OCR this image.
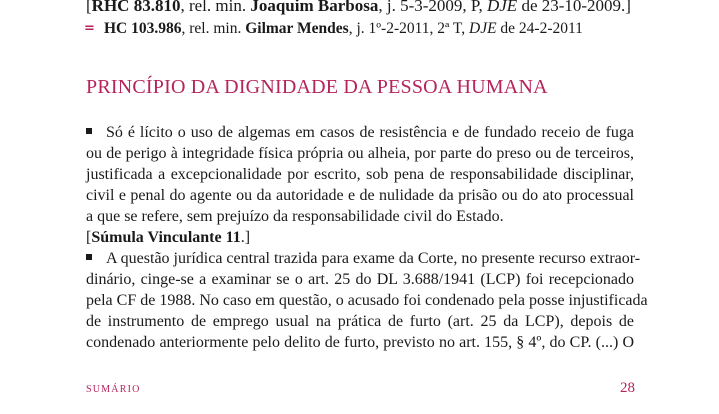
[RHC 83.810, rel. min. Joaquim Barbosa, j. 5-3-2009, P, DJE de 23-10-2009.]
= HC 103.986, rel. min. Gilmar Mendes, j. 1º-2-2011, 2ª T, DJE de 24-2-2011
PRINCÍPIO DA DIGNIDADE DA PESSOA HUMANA
Só é lícito o uso de algemas em casos de resistência e de fundado receio de fuga
ou de perigo à integridade física própria ou alheia, por parte do preso ou de terceiros,
justificada a excepcionalidade por escrito, sob pena de responsabilidade disciplinar,
civil e penal do agente ou da autoridade e de nulidade da prisão ou do ato processual
a que se refere, sem prejuízo da responsabilidade civil do Estado.
[Súmula Vinculante 11.]
A questão jurídica central trazida para exame da Corte, no presente recurso extraor-
dinário, cinge-se a examinar se o art. 25 do DL 3.688/1941 (LCP) foi recepcionado
pela CF de 1988. No caso em questão, o acusado foi condenado pela posse injustificada
de instrumento de emprego usual na prática de furto (art. 25 da LCP), depois de
condenado anteriormente pelo delito de furto, previsto no art. 155, § 4º, do CP. (...) O
SUMÁRIO	28
